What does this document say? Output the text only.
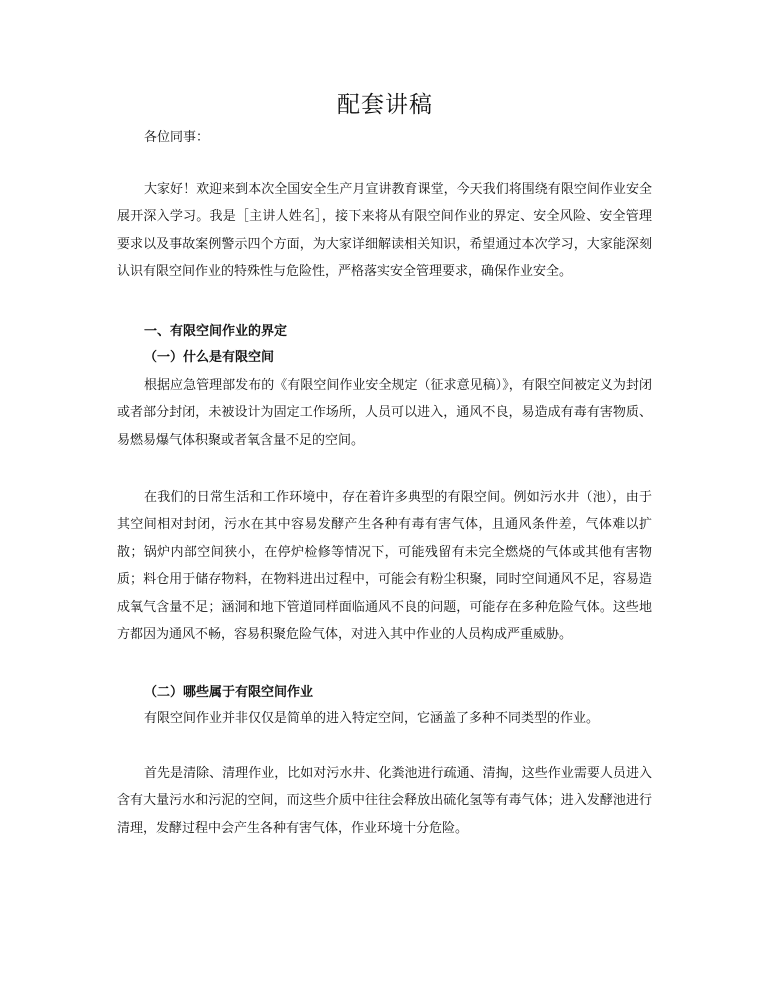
配套讲稿

各位同事：

大家好！欢迎来到本次全国安全生产月宣讲教育课堂，今天我们将围绕有限空间作业安全展开深入学习。我是［主讲人姓名］，接下来将从有限空间作业的界定、安全风险、安全管理要求以及事故案例警示四个方面，为大家详细解读相关知识，希望通过本次学习，大家能深刻认识有限空间作业的特殊性与危险性，严格落实安全管理要求，确保作业安全。

一、有限空间作业的界定

（一）什么是有限空间

根据应急管理部发布的《有限空间作业安全规定（征求意见稿）》，有限空间被定义为封闭或者部分封闭，未被设计为固定工作场所，人员可以进入，通风不良，易造成有毒有害物质、易燃易爆气体积聚或者氧含量不足的空间。

在我们的日常生活和工作环境中，存在着许多典型的有限空间。例如污水井（池），由于其空间相对封闭，污水在其中容易发酵产生各种有毒有害气体，且通风条件差，气体难以扩散；锅炉内部空间狭小，在停炉检修等情况下，可能残留有未完全燃烧的气体或其他有害物质；料仓用于储存物料，在物料进出过程中，可能会有粉尘积聚，同时空间通风不足，容易造成氧气含量不足；涵洞和地下管道同样面临通风不良的问题，可能存在多种危险气体。这些地方都因为通风不畅，容易积聚危险气体，对进入其中作业的人员构成严重威胁。

（二）哪些属于有限空间作业

有限空间作业并非仅仅是简单的进入特定空间，它涵盖了多种不同类型的作业。

首先是清除、清理作业，比如对污水井、化粪池进行疏通、清掏，这些作业需要人员进入含有大量污水和污泥的空间，而这些介质中往往会释放出硫化氢等有毒气体；进入发酵池进行清理，发酵过程中会产生各种有害气体，作业环境十分危险。
